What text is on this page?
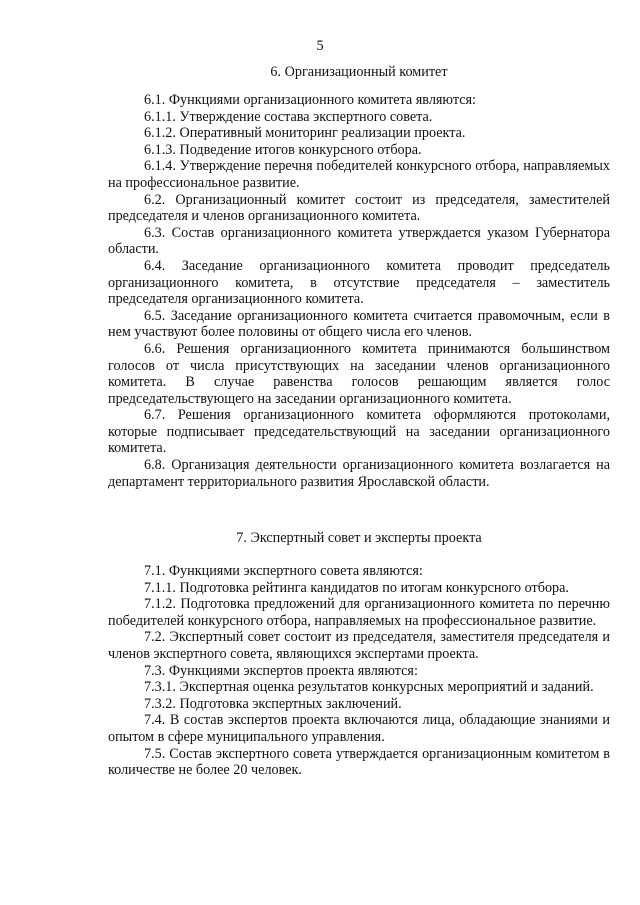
5
6. Организационный комитет

6.1. Функциями организационного комитета являются:

6.1.1. Утверждение состава экспертного совета.

6.1.2. Оперативный мониторинг реализации проекта.

6.1.3. Подведение итогов конкурсного отбора.

6.1.4. Утверждение перечня победителей конкурсного отбора, направляемых на профессиональное развитие.

6.2. Организационный комитет состоит из председателя, заместителей председателя и членов организационного комитета.

6.3. Состав организационного комитета утверждается указом Губернатора области.

6.4. Заседание организационного комитета проводит председатель организационного комитета, в отсутствие председателя – заместитель председателя организационного комитета.

6.5. Заседание организационного комитета считается правомочным, если в нем участвуют более половины от общего числа его членов.

6.6. Решения организационного комитета принимаются большинством голосов от числа присутствующих на заседании членов организационного комитета. В случае равенства голосов решающим является голос председательствующего на заседании организационного комитета.

6.7. Решения организационного комитета оформляются протоколами, которые подписывает председательствующий на заседании организационного комитета.

6.8. Организация деятельности организационного комитета возлагается на департамент территориального развития Ярославской области.

7. Экспертный совет и эксперты проекта

7.1. Функциями экспертного совета являются:

7.1.1. Подготовка рейтинга кандидатов по итогам конкурсного отбора.

7.1.2. Подготовка предложений для организационного комитета по перечню победителей конкурсного отбора, направляемых на профессиональное развитие.

7.2. Экспертный совет состоит из председателя, заместителя председателя и членов экспертного совета, являющихся экспертами проекта.

7.3. Функциями экспертов проекта являются:

7.3.1. Экспертная оценка результатов конкурсных мероприятий и заданий.

7.3.2. Подготовка экспертных заключений.

7.4. В состав экспертов проекта включаются лица, обладающие знаниями и опытом в сфере муниципального управления.

7.5. Состав экспертного совета утверждается организационным комитетом в количестве не более 20 человек.
